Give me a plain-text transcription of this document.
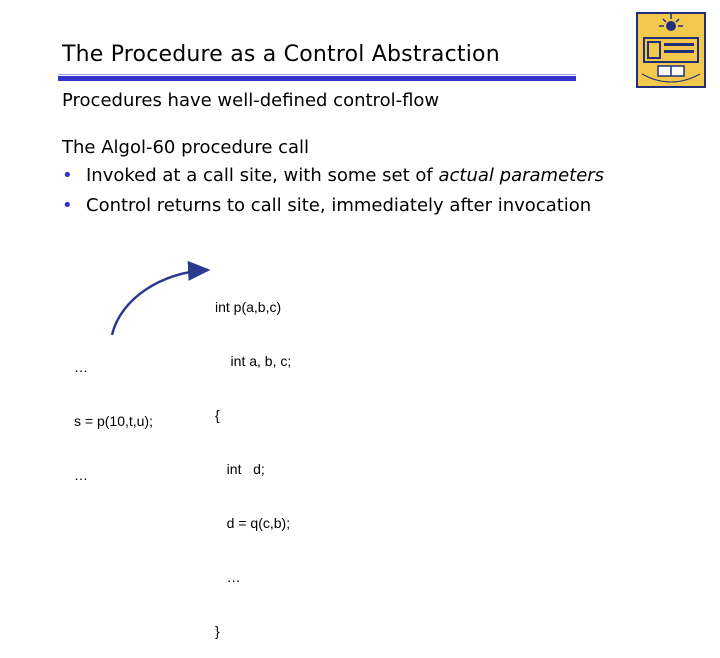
The Procedure as a Control Abstraction
Procedures have well-defined control-flow
The Algol-60 procedure call
• Invoked at a call site, with some set of actual parameters
• Control returns to call site, immediately after invocation

…

s = p(10,t,u);

…

int p(a,b,c)

int a, b, c;

{

int   d;

d = q(c,b);

…

}
